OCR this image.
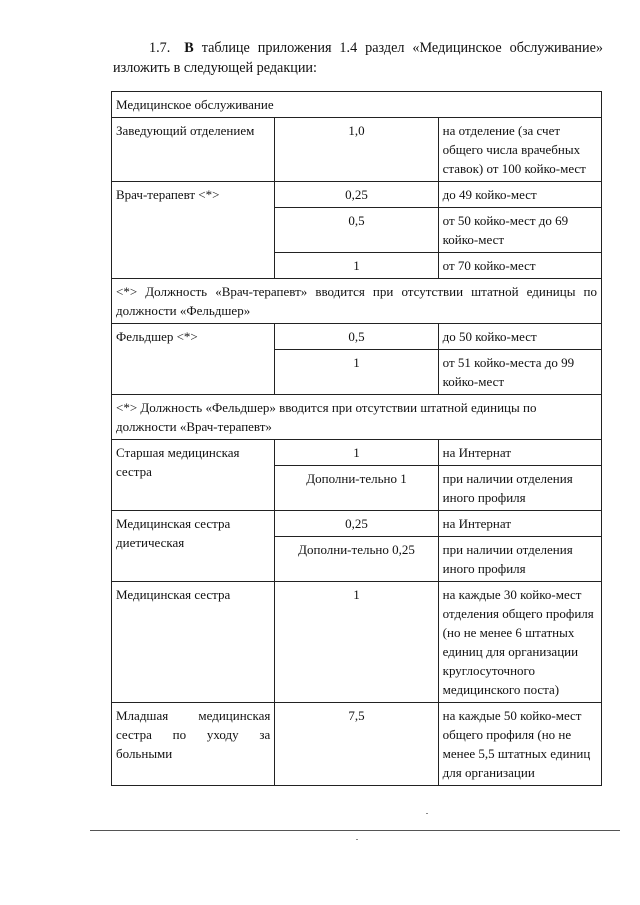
1.7. В таблице приложения 1.4 раздел «Медицинское обслуживание» изложить в следующей редакции:
Медицинское обслуживание		
Заведующий отделением	1,0	на отделение (за счет общего числа врачебных ставок) от 100 койко-мест
Врач-терапевт <*>	0,25	до 49 койко-мест
	0,5	от 50 койко-мест до 69 койко-мест
	1	от 70 койко-мест
<*> Должность «Врач-терапевт» вводится при отсутствии штатной единицы по должности «Фельдшер»		
Фельдшер <*>	0,5	до 50 койко-мест
	1	от 51 койко-места до 99 койко-мест
<*> Должность «Фельдшер» вводится при отсутствии штатной единицы по должности «Врач-терапевт»		
Старшая медицинская сестра	1	на Интернат
	Дополни-тельно 1	при наличии отделения иного профиля
Медицинская сестра диетическая	0,25	на Интернат
	Дополни-тельно 0,25	при наличии отделения иного профиля
Медицинская сестра	1	на каждые 30 койко-мест отделения общего профиля (но не менее 6 штатных единиц для организации круглосуточного медицинского поста)
Младшая медицинская сестра по уходу за больными	7,5	на каждые 50 койко-мест общего профиля (но не менее 5,5 штатных единиц для организации
